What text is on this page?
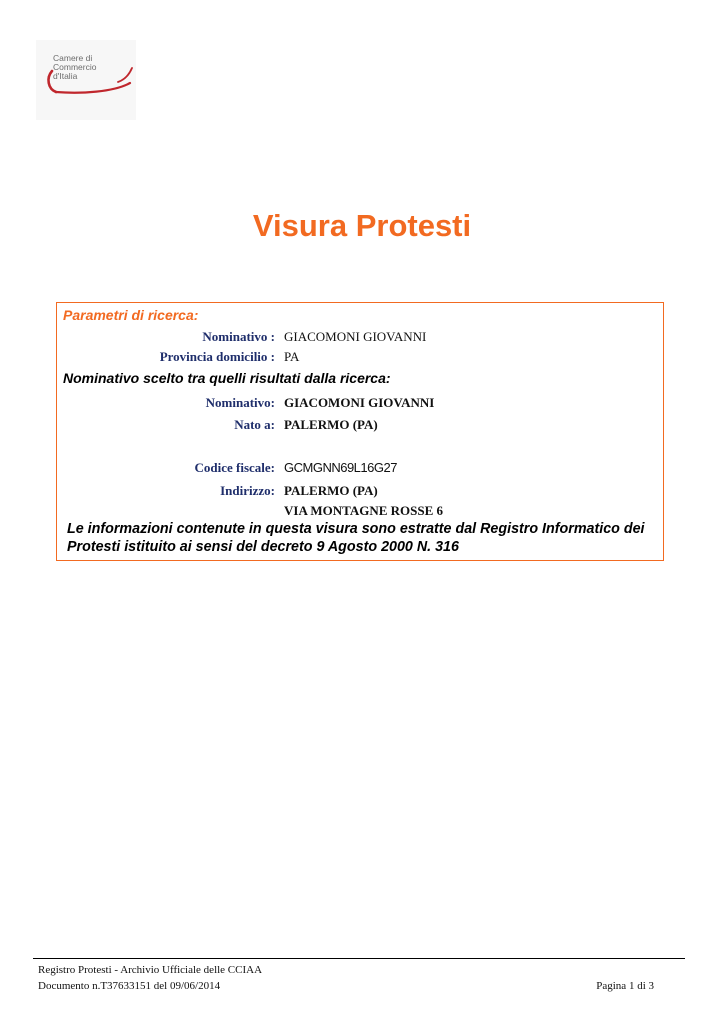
Camere di Commercio
d'Italia
Visura Protesti
Parametri di ricerca:
Nominativo : GIACOMONI GIOVANNI
Provincia domicilio : PA
Nominativo scelto tra quelli risultati dalla ricerca:
Nominativo: GIACOMONI GIOVANNI
Nato a: PALERMO (PA)
Codice fiscale: GCMGNN69L16G27
Indirizzo: PALERMO (PA)
VIA MONTAGNE ROSSE 6
Le informazioni contenute in questa visura sono estratte dal Registro Informatico dei
Protesti istituito ai sensi del decreto 9 Agosto 2000 N. 316
Registro Protesti - Archivio Ufficiale delle CCIAA
Documento n.T37633151 del 09/06/2014	Pagina 1 di 3
